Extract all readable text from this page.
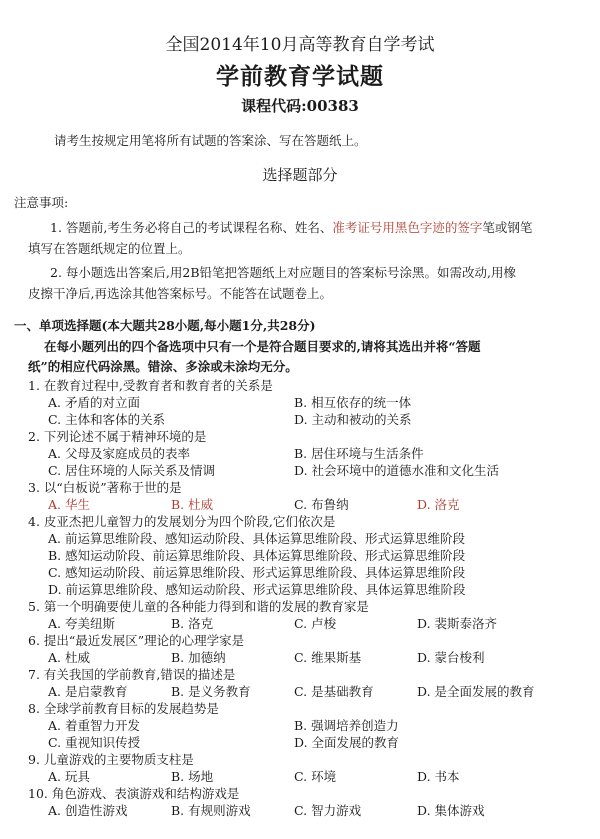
全国2014年10月高等教育自学考试
学前教育学试题
课程代码:00383
请考生按规定用笔将所有试题的答案涂、写在答题纸上。
选择题部分
注意事项:
1. 答题前,考生务必将自己的考试课程名称、姓名、准考证号用黑色字迹的签字笔或钢笔
填写在答题纸规定的位置上。
2. 每小题选出答案后,用2B铅笔把答题纸上对应题目的答案标号涂黑。如需改动,用橡
皮擦干净后,再选涂其他答案标号。不能答在试题卷上。
一、单项选择题(本大题共28小题,每小题1分,共28分)
在每小题列出的四个备选项中只有一个是符合题目要求的,请将其选出并将“答题
纸”的相应代码涂黑。错涂、多涂或未涂均无分。
1. 在教育过程中,受教育者和教育者的关系是
A. 矛盾的对立面	B. 相互依存的统一体
C. 主体和客体的关系	D. 主动和被动的关系
2. 下列论述不属于精神环境的是
A. 父母及家庭成员的表率	B. 居住环境与生活条件
C. 居住环境的人际关系及情调	D. 社会环境中的道德水准和文化生活
3. 以“白板说”著称于世的是
A. 华生	B. 杜威	C. 布鲁纳	D. 洛克
4. 皮亚杰把儿童智力的发展划分为四个阶段,它们依次是
A. 前运算思维阶段、感知运动阶段、具体运算思维阶段、形式运算思维阶段
B. 感知运动阶段、前运算思维阶段、具体运算思维阶段、形式运算思维阶段
C. 感知运动阶段、前运算思维阶段、形式运算思维阶段、具体运算思维阶段
D. 前运算思维阶段、感知运动阶段、形式运算思维阶段、具体运算思维阶段
5. 第一个明确要使儿童的各种能力得到和谐的发展的教育家是
A. 夸美纽斯	B. 洛克	C. 卢梭	D. 裴斯泰洛齐
6. 提出“最近发展区”理论的心理学家是
A. 杜威	B. 加德纳	C. 维果斯基	D. 蒙台梭利
7. 有关我国的学前教育,错误的描述是
A. 是启蒙教育	B. 是义务教育	C. 是基础教育	D. 是全面发展的教育
8. 全球学前教育目标的发展趋势是
A. 着重智力开发	B. 强调培养创造力
C. 重视知识传授	D. 全面发展的教育
9. 儿童游戏的主要物质支柱是
A. 玩具	B. 场地	C. 环境	D. 书本
10. 角色游戏、表演游戏和结构游戏是
A. 创造性游戏	B. 有规则游戏	C. 智力游戏	D. 集体游戏
